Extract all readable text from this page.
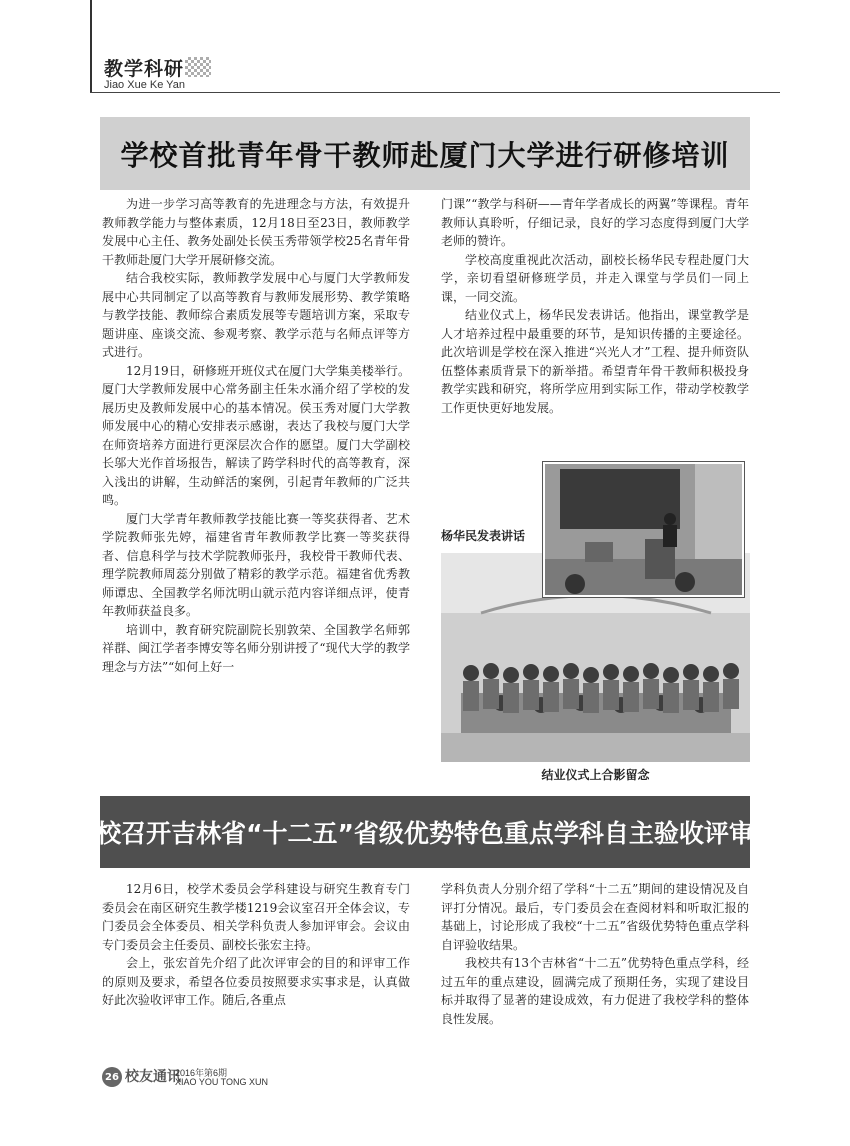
教学科研
Jiao Xue Ke Yan
学校首批青年骨干教师赴厦门大学进行研修培训

为进一步学习高等教育的先进理念与方法，有效提升教师教学能力与整体素质，12月18日至23日，教师教学发展中心主任、教务处副处长侯玉秀带领学校25名青年骨干教师赴厦门大学开展研修交流。

结合我校实际，教师教学发展中心与厦门大学教师发展中心共同制定了以高等教育与教师发展形势、教学策略与教学技能、教师综合素质发展等专题培训方案，采取专题讲座、座谈交流、参观考察、教学示范与名师点评等方式进行。

12月19日，研修班开班仪式在厦门大学集美楼举行。厦门大学教师发展中心常务副主任朱水涌介绍了学校的发展历史及教师发展中心的基本情况。侯玉秀对厦门大学教师发展中心的精心安排表示感谢，表达了我校与厦门大学在师资培养方面进行更深层次合作的愿望。厦门大学副校长邬大光作首场报告，解读了跨学科时代的高等教育，深入浅出的讲解，生动鲜活的案例，引起青年教师的广泛共鸣。

厦门大学青年教师教学技能比赛一等奖获得者、艺术学院教师张先婷，福建省青年教师教学比赛一等奖获得者、信息科学与技术学院教师张丹，我校骨干教师代表、理学院教师周蕊分别做了精彩的教学示范。福建省优秀教师谭忠、全国教学名师沈明山就示范内容详细点评，使青年教师获益良多。

培训中，教育研究院副院长别敦荣、全国教学名师郭祥群、闽江学者李博安等名师分别讲授了“现代大学的教学理念与方法”“如何上好一

门课”“教学与科研——青年学者成长的两翼”等课程。青年教师认真聆听，仔细记录，良好的学习态度得到厦门大学老师的赞许。

学校高度重视此次活动，副校长杨华民专程赴厦门大学，亲切看望研修班学员，并走入课堂与学员们一同上课，一同交流。

结业仪式上，杨华民发表讲话。他指出，课堂教学是人才培养过程中最重要的环节，是知识传播的主要途径。此次培训是学校在深入推进“兴光人才”工程、提升师资队伍整体素质背景下的新举措。希望青年骨干教师积极投身教学实践和研究，将所学应用到实际工作，带动学校教学工作更快更好地发展。

杨华民发表讲话
结业仪式上合影留念
我校召开吉林省“十二五”省级优势特色重点学科自主验收评审会

12月6日，校学术委员会学科建设与研究生教育专门委员会在南区研究生教学楼1219会议室召开全体会议，专门委员会全体委员、相关学科负责人参加评审会。会议由专门委员会主任委员、副校长张宏主持。

会上，张宏首先介绍了此次评审会的目的和评审工作的原则及要求，希望各位委员按照要求实事求是，认真做好此次验收评审工作。随后,各重点

学科负责人分别介绍了学科“十二五”期间的建设情况及自评打分情况。最后，专门委员会在查阅材料和听取汇报的基础上，讨论形成了我校“十二五”省级优势特色重点学科自评验收结果。

我校共有13个吉林省“十二五”优势特色重点学科，经过五年的重点建设，圆满完成了预期任务，实现了建设目标并取得了显著的建设成效，有力促进了我校学科的整体良性发展。

26 校友通讯
2016年第6期
XIAO YOU TONG XUN
